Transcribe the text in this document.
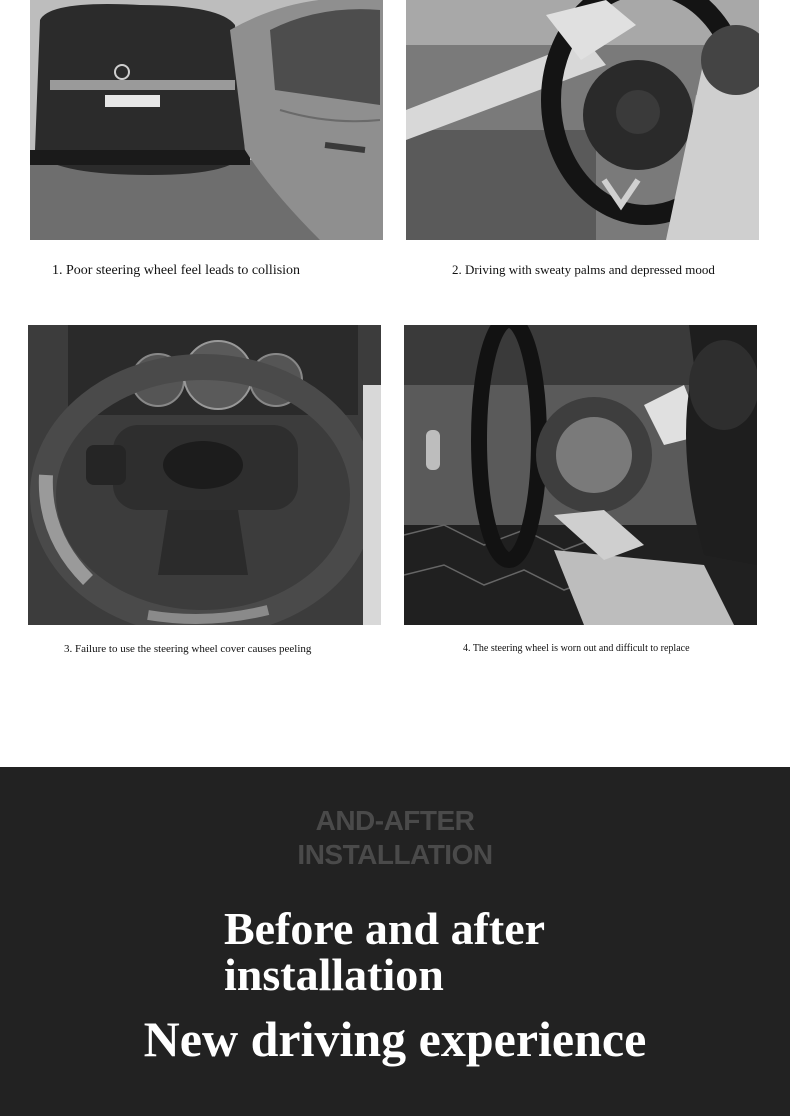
1. Poor steering wheel feel leads to collision	2. Driving with sweaty palms and depressed mood

3. Failure to use the steering wheel cover causes peeling	4. The steering wheel is worn out and difficult to replace

AND-AFTER
INSTALLATION
Before and after
installation
New driving experience
